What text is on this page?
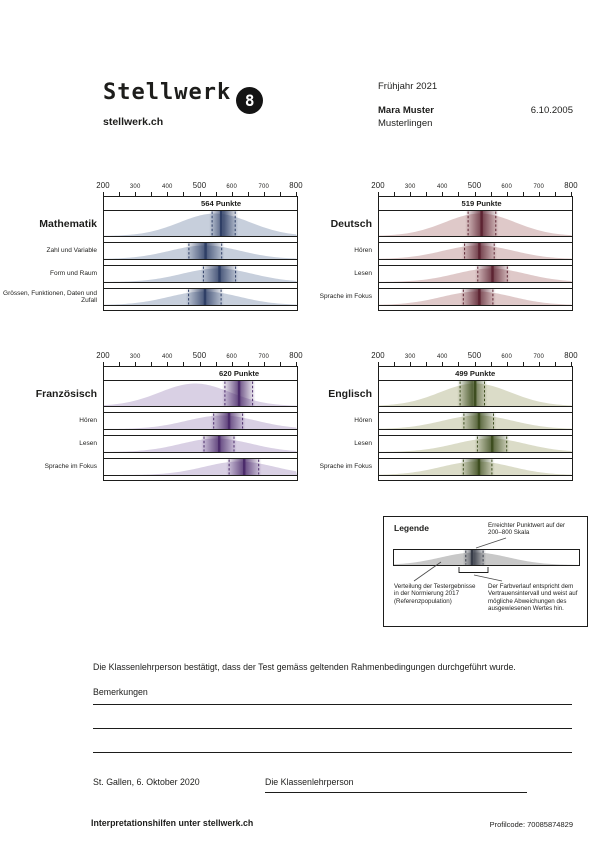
Stellwerk 8
stellwerk.ch
Frühjahr 2021
Mara Muster	6.10.2005
Musterlingen
200	300	400	500	600	700	800
Mathematik
Zahl und Variable
Form und Raum
Grössen, Funktionen, Daten und Zufall
564 Punkte
200	300	400	500	600	700	800
Deutsch
Hören
Lesen
Sprache im Fokus
519 Punkte
200	300	400	500	600	700	800
Französisch
Hören
Lesen
Sprache im Fokus
620 Punkte
200	300	400	500	600	700	800
Englisch
Hören
Lesen
Sprache im Fokus
499 Punkte
Legende	Erreichter Punktwert auf der 200–800 Skala
Verteilung der Testergebnisse in der Normierung 2017 (Referenzpopulation)
Der Farbverlauf entspricht dem Vertrauensintervall und weist auf mögliche Abweichungen des ausgewiesenen Wertes hin.
Die Klassenlehrperson bestätigt, dass der Test gemäss geltenden Rahmenbedingungen durchgeführt wurde.
Bemerkungen
St. Gallen, 6. Oktober 2020	Die Klassenlehrperson
Interpretationshilfen unter stellwerk.ch	Profilcode: 70085874829
